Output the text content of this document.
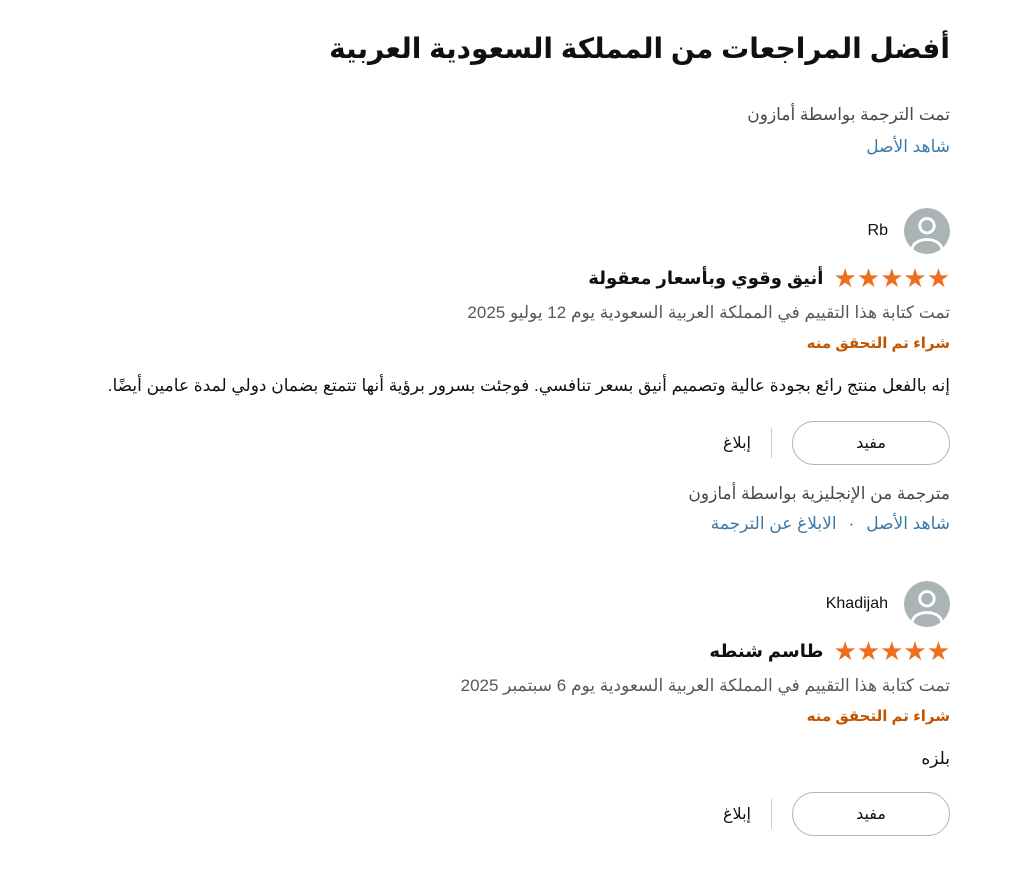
أفضل المراجعات من المملكة السعودية العربية

تمت الترجمة بواسطة أمازون

شاهد الأصل
Rb
★★★★★
أنيق وقوي وبأسعار معقولة

تمت كتابة هذا التقييم في المملكة العربية السعودية يوم 12 يوليو 2025

شراء تم التحقق منه

إنه بالفعل منتج رائع بجودة عالية وتصميم أنيق بسعر تنافسي. فوجئت بسرور برؤية أنها تتمتع بضمان دولي لمدة عامين أيضًا.

مفيد
إبلاغ

مترجمة من الإنجليزية بواسطة أمازون

شاهد الأصل
·
الابلاغ عن الترجمة
Khadijah
★★★★★
طاسم شنطه

تمت كتابة هذا التقييم في المملكة العربية السعودية يوم 6 سبتمبر 2025

شراء تم التحقق منه

بلزه

مفيد
إبلاغ
